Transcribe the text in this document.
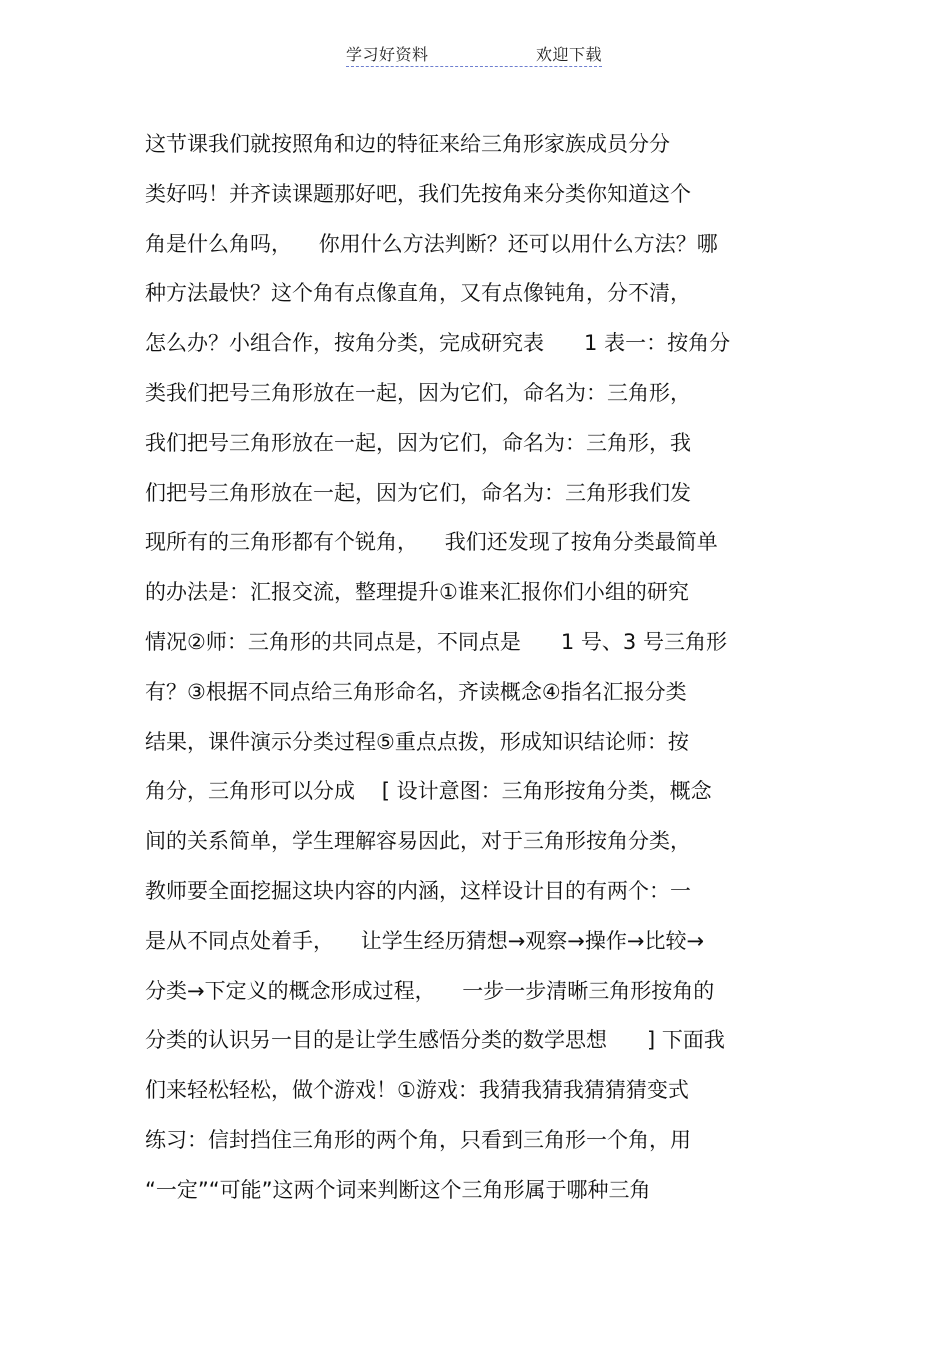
学习好资料	欢迎下载
这节课我们就按照角和边的特征来给三角形家族成员分分
类好吗！并齐读课题那好吧，我们先按角来分类你知道这个
角是什么角吗，    你用什么方法判断？还可以用什么方法？哪
种方法最快？这个角有点像直角，又有点像钝角，分不清，
怎么办？小组合作，按角分类，完成研究表      1 表一：按角分
类我们把号三角形放在一起，因为它们，命名为：三角形，
我们把号三角形放在一起，因为它们，命名为：三角形，我
们把号三角形放在一起，因为它们，命名为：三角形我们发
现所有的三角形都有个锐角，    我们还发现了按角分类最简单
的办法是：汇报交流，整理提升①谁来汇报你们小组的研究
情况②师：三角形的共同点是，不同点是      1 号、3 号三角形
有？③根据不同点给三角形命名，齐读概念④指名汇报分类
结果，课件演示分类过程⑤重点点拨，形成知识结论师：按
角分，三角形可以分成    [ 设计意图：三角形按角分类，概念
间的关系简单，学生理解容易因此，对于三角形按角分类，
教师要全面挖掘这块内容的内涵，这样设计目的有两个：一
是从不同点处着手，    让学生经历猜想→观察→操作→比较→
分类→下定义的概念形成过程，    一步一步清晰三角形按角的
分类的认识另一目的是让学生感悟分类的数学思想      ] 下面我
们来轻松轻松，做个游戏！①游戏：我猜我猜我猜猜猜变式
练习：信封挡住三角形的两个角，只看到三角形一个角，用
“一定”“可能”这两个词来判断这个三角形属于哪种三角
